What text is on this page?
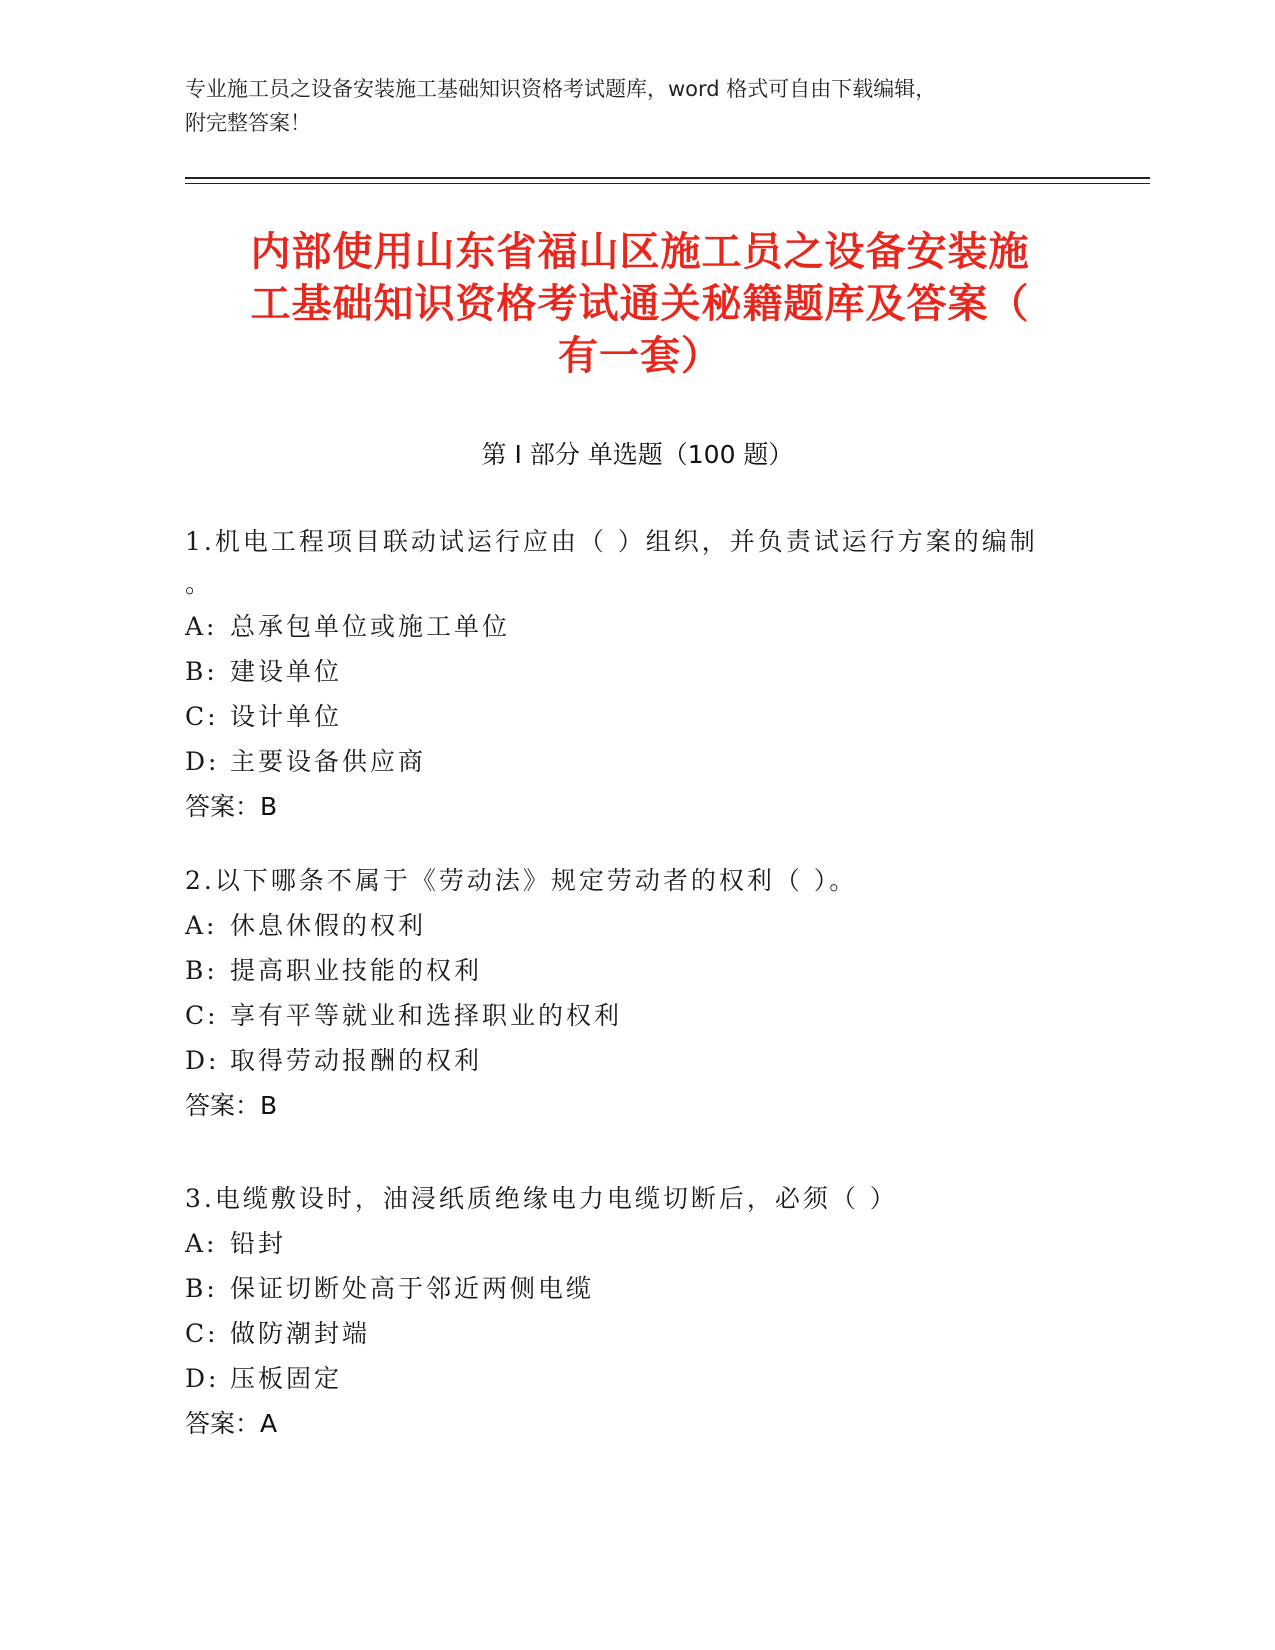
专业施工员之设备安装施工基础知识资格考试题库，word 格式可自由下载编辑，
附完整答案！
内部使用山东省福山区施工员之设备安装施
工基础知识资格考试通关秘籍题库及答案（
有一套）
第 I 部分 单选题（100 题）
1.机电工程项目联动试运行应由（ ）组织，并负责试运行方案的编制
。
A: 总承包单位或施工单位
B: 建设单位
C: 设计单位
D: 主要设备供应商
答案：B
2.以下哪条不属于《劳动法》规定劳动者的权利（ ）。
A: 休息休假的权利
B: 提高职业技能的权利
C: 享有平等就业和选择职业的权利
D: 取得劳动报酬的权利
答案：B
3.电缆敷设时，油浸纸质绝缘电力电缆切断后，必须（ ）
A: 铅封
B: 保证切断处高于邻近两侧电缆
C: 做防潮封端
D: 压板固定
答案：A
